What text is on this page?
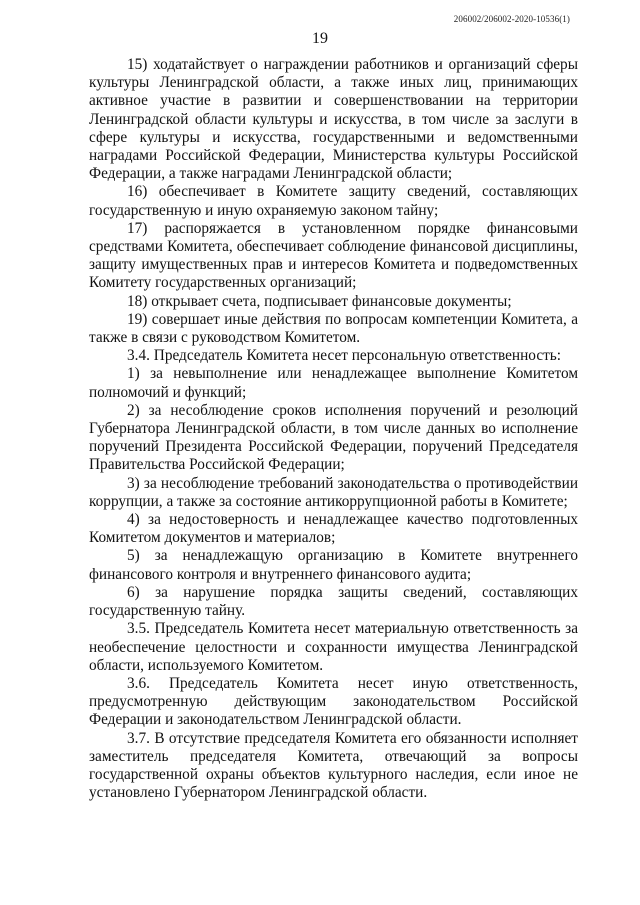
206002/206002-2020-10536(1)
19

15) ходатайствует о награждении работников и организаций сферы культуры Ленинградской области, а также иных лиц, принимающих активное участие в развитии и совершенствовании на территории Ленинградской области культуры и искусства, в том числе за заслуги в сфере культуры и искусства, государственными и ведомственными наградами Российской Федерации, Министерства культуры Российской Федерации, а также наградами Ленинградской области;

16) обеспечивает в Комитете защиту сведений, составляющих государственную и иную охраняемую законом тайну;

17) распоряжается в установленном порядке финансовыми средствами Комитета, обеспечивает соблюдение финансовой дисциплины, защиту имущественных прав и интересов Комитета и подведомственных Комитету государственных организаций;

18) открывает счета, подписывает финансовые документы;

19) совершает иные действия по вопросам компетенции Комитета, а также в связи с руководством Комитетом.

3.4. Председатель Комитета несет персональную ответственность:

1) за невыполнение или ненадлежащее выполнение Комитетом полномочий и функций;

2) за несоблюдение сроков исполнения поручений и резолюций Губернатора Ленинградской области, в том числе данных во исполнение поручений Президента Российской Федерации, поручений Председателя Правительства Российской Федерации;

3) за несоблюдение требований законодательства о противодействии коррупции, а также за состояние антикоррупционной работы в Комитете;

4) за недостоверность и ненадлежащее качество подготовленных Комитетом документов и материалов;

5) за ненадлежащую организацию в Комитете внутреннего финансового контроля и внутреннего финансового аудита;

6) за нарушение порядка защиты сведений, составляющих государственную тайну.

3.5. Председатель Комитета несет материальную ответственность за необеспечение целостности и сохранности имущества Ленинградской области, используемого Комитетом.

3.6. Председатель Комитета несет иную ответственность, предусмотренную действующим законодательством Российской Федерации и законодательством Ленинградской области.

3.7. В отсутствие председателя Комитета его обязанности исполняет заместитель председателя Комитета, отвечающий за вопросы государственной охраны объектов культурного наследия, если иное не установлено Губернатором Ленинградской области.
